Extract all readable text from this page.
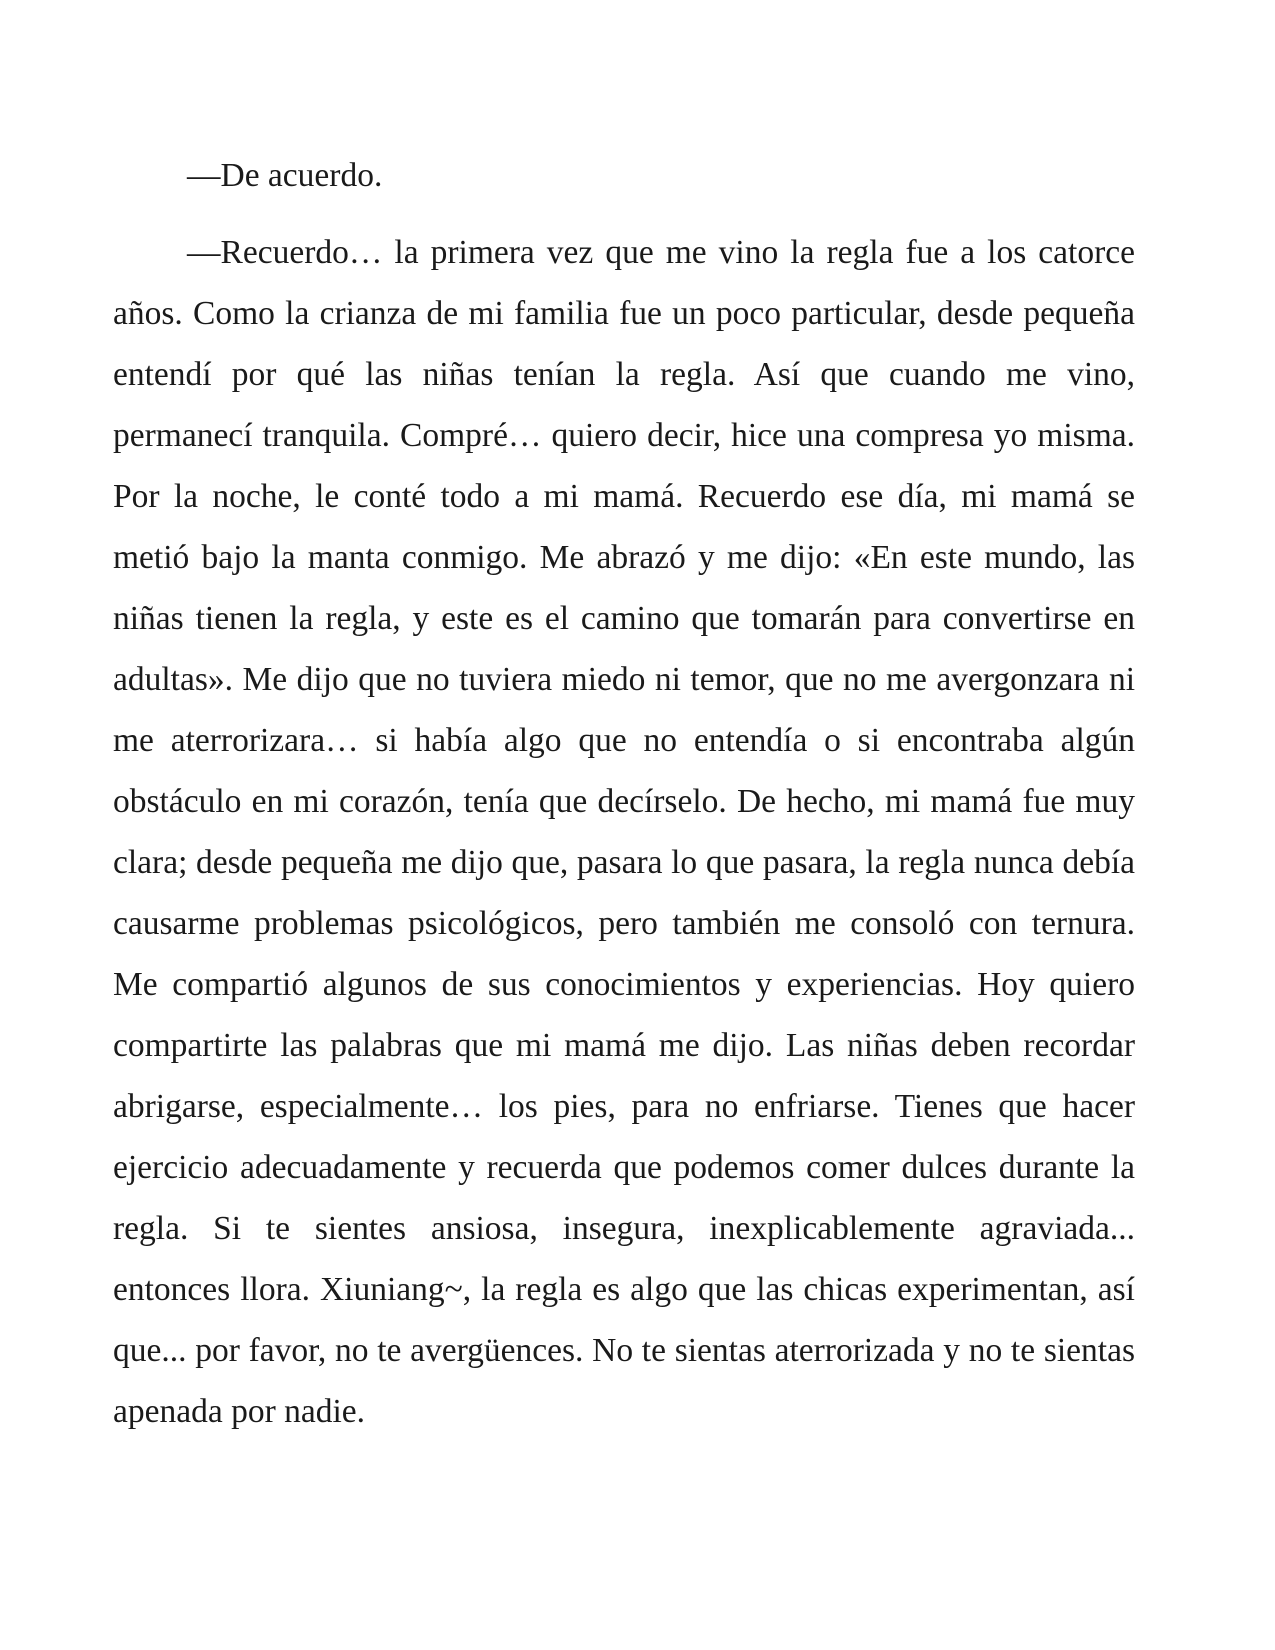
—De acuerdo.

—Recuerdo… la primera vez que me vino la regla fue a los catorce años. Como la crianza de mi familia fue un poco particular, desde pequeña entendí por qué las niñas tenían la regla. Así que cuando me vino, permanecí tranquila. Compré… quiero decir, hice una compresa yo misma. Por la noche, le conté todo a mi mamá. Recuerdo ese día, mi mamá se metió bajo la manta conmigo. Me abrazó y me dijo: «En este mundo, las niñas tienen la regla, y este es el camino que tomarán para convertirse en adultas». Me dijo que no tuviera miedo ni temor, que no me avergonzara ni me aterrorizara… si había algo que no entendía o si encontraba algún obstáculo en mi corazón, tenía que decírselo. De hecho, mi mamá fue muy clara; desde pequeña me dijo que, pasara lo que pasara, la regla nunca debía causarme problemas psicológicos, pero también me consoló con ternura. Me compartió algunos de sus conocimientos y experiencias. Hoy quiero compartirte las palabras que mi mamá me dijo. Las niñas deben recordar abrigarse, especialmente… los pies, para no enfriarse. Tienes que hacer ejercicio adecuadamente y recuerda que podemos comer dulces durante la regla. Si te sientes ansiosa, insegura, inexplicablemente agraviada... entonces llora. Xiuniang~, la regla es algo que las chicas experimentan, así que... por favor, no te avergüences. No te sientas aterrorizada y no te sientas apenada por nadie.
